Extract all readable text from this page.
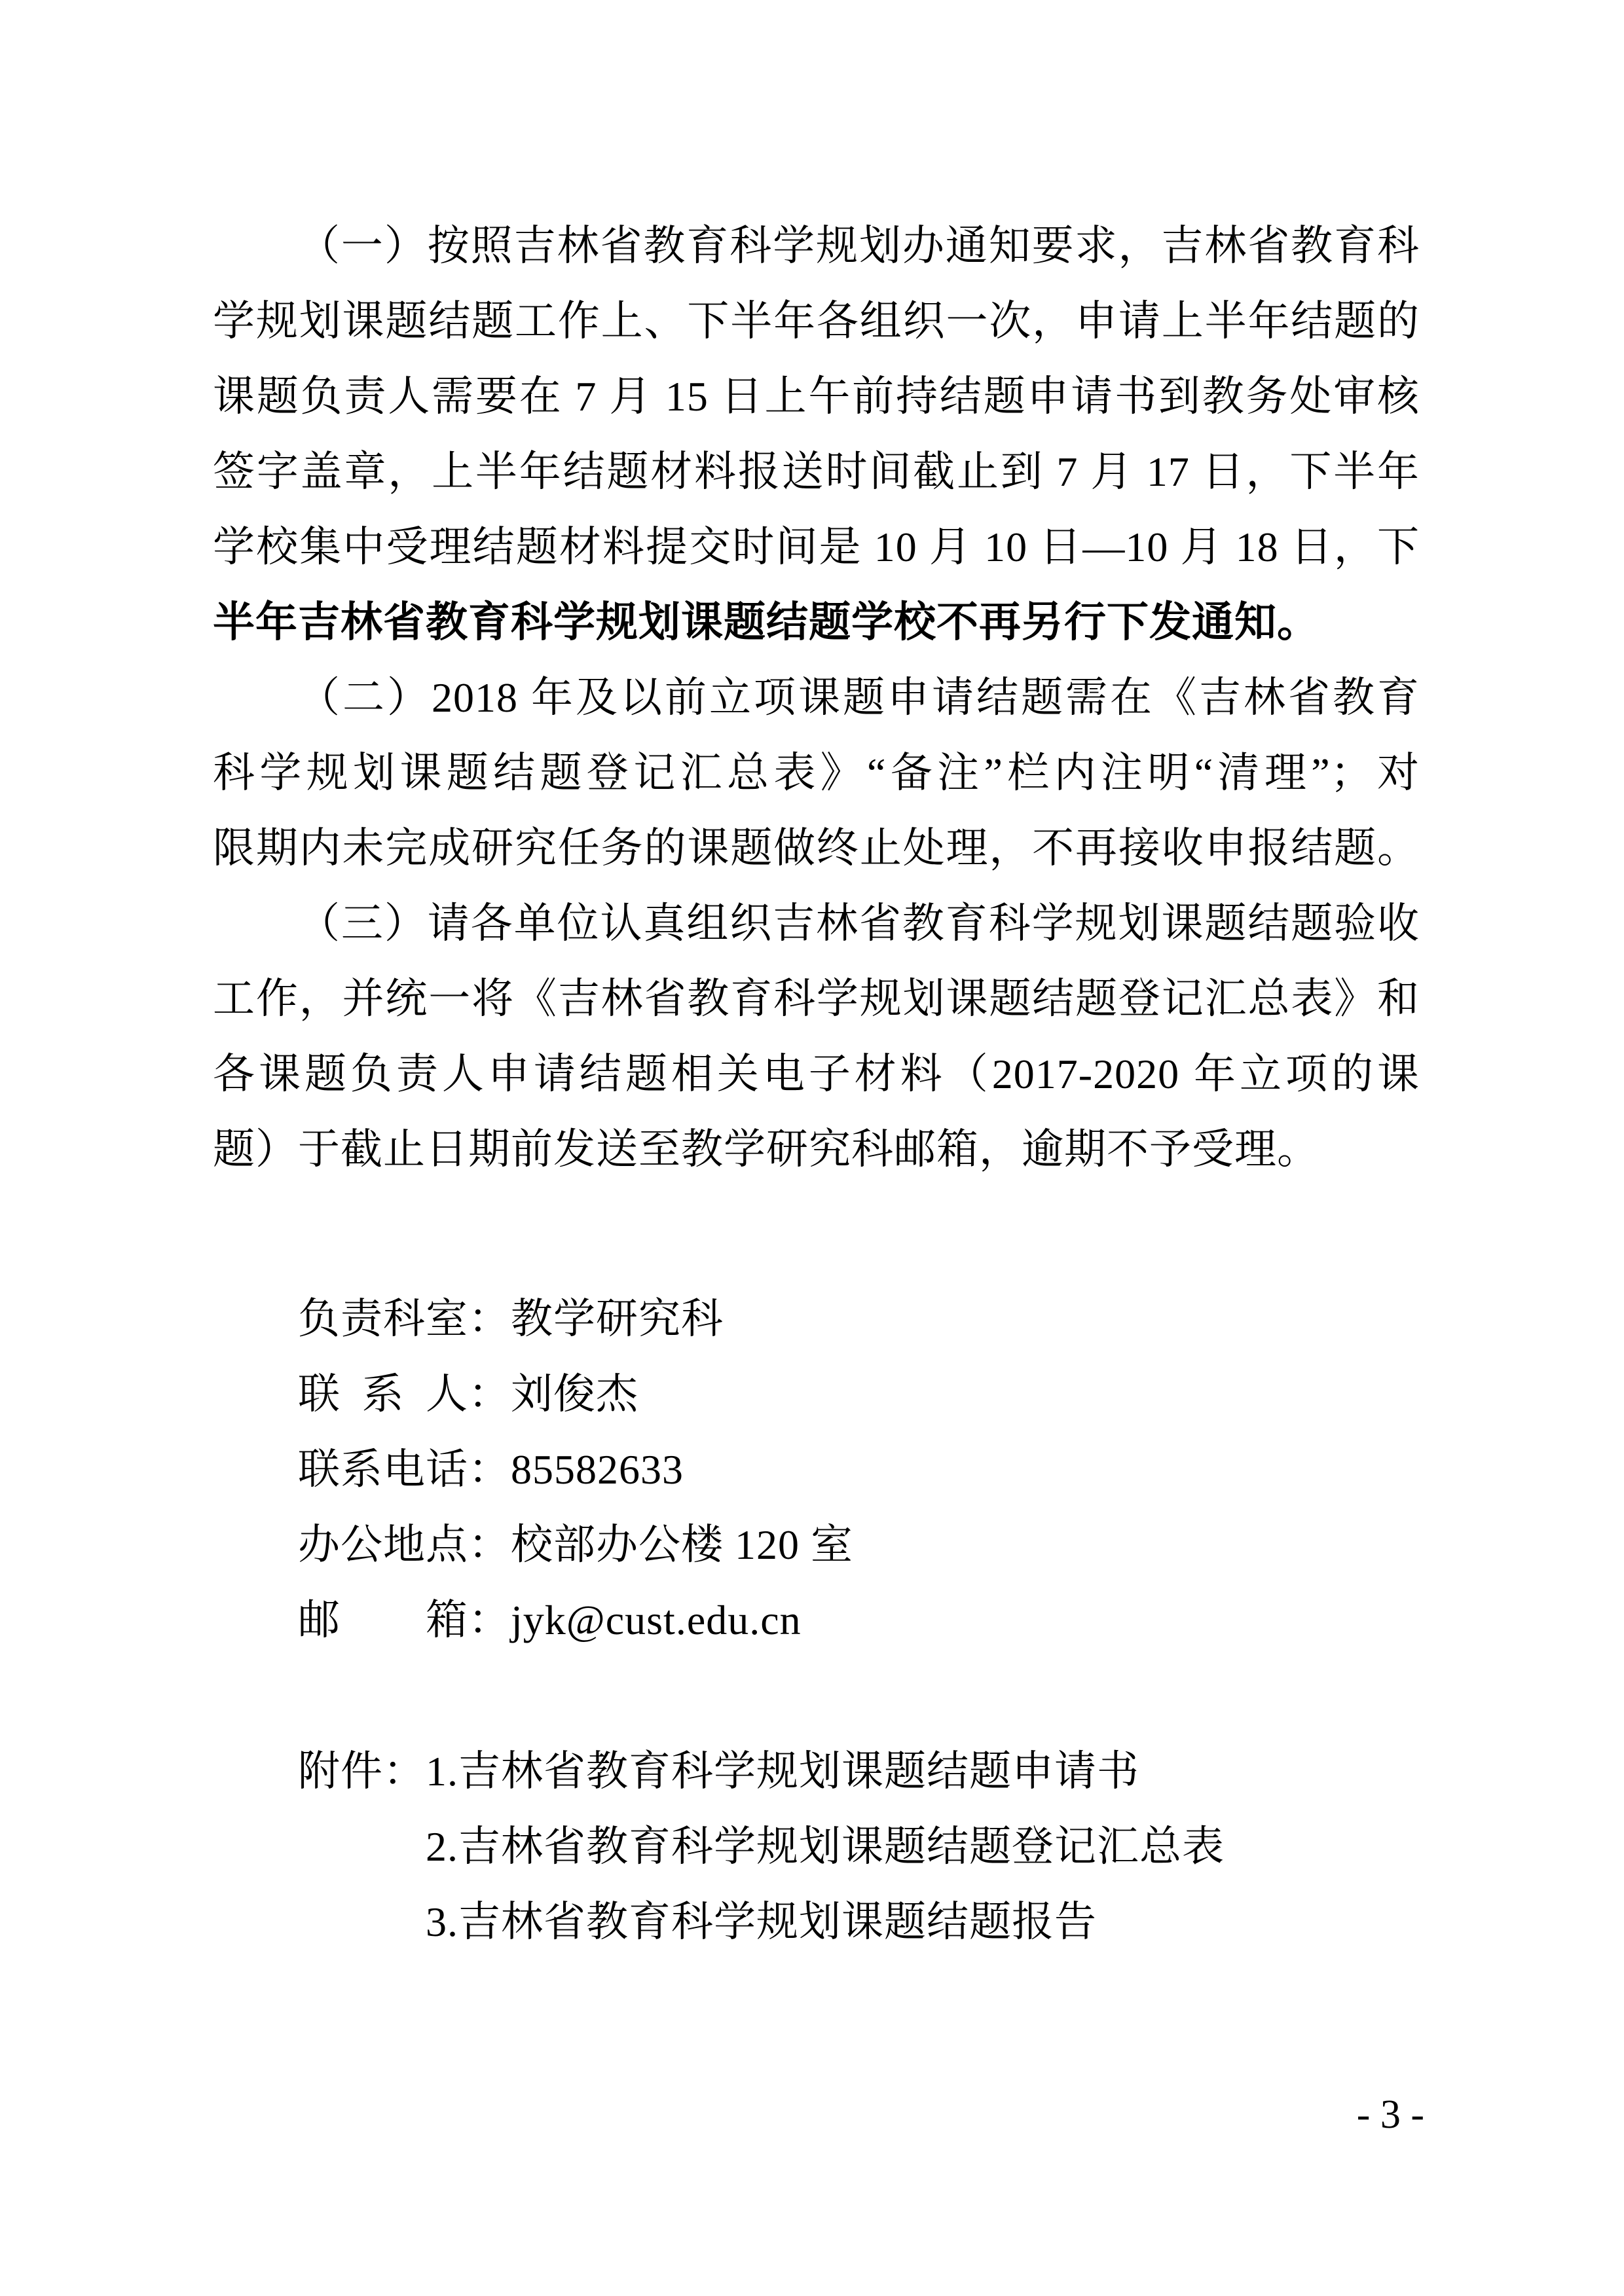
（一）按照吉林省教育科学规划办通知要求，吉林省教育科

学规划课题结题工作上、下半年各组织一次，申请上半年结题的

课题负责人需要在 7 月 15 日上午前持结题申请书到教务处审核

签字盖章，上半年结题材料报送时间截止到 7 月 17 日，下半年

学校集中受理结题材料提交时间是 10 月 10 日—10 月 18 日，下

半年吉林省教育科学规划课题结题学校不再另行下发通知。

（二）2018 年及以前立项课题申请结题需在《吉林省教育

科学规划课题结题登记汇总表》“备注”栏内注明“清理”；对

限期内未完成研究任务的课题做终止处理，不再接收申报结题。

（三）请各单位认真组织吉林省教育科学规划课题结题验收

工作，并统一将《吉林省教育科学规划课题结题登记汇总表》和

各课题负责人申请结题相关电子材料（2017-2020 年立项的课

题）于截止日期前发送至教学研究科邮箱，逾期不予受理。

负责科室：教学研究科
联系人：刘俊杰
联系电话：85582633
办公地点：校部办公楼 120 室
邮箱：jyk@cust.edu.cn
附件：1.吉林省教育科学规划课题结题申请书
2.吉林省教育科学规划课题结题登记汇总表
3.吉林省教育科学规划课题结题报告
- 3 -
